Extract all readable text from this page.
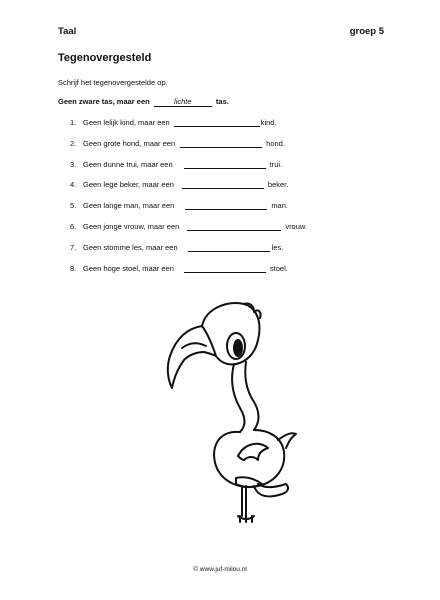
Taal	groep 5
Tegenovergesteld
Schrijf het tegenovergestelde op.
Geen zware tas, maar een	lichte	tas.
1. Geen lelijk kind, maar een	kind.
2. Geen grote hond, maar een	hond.
3. Geen dunne trui, maar een	trui.
4. Geen lege beker, maar een	beker.
5. Geen lange man, maar een	man.
6. Geen jonge vrouw, maar een	vrouw.
7. Geen stomme les, maar een	les.
8. Geen hoge stoel, maar een	stoel.
© www.juf-milou.nl
